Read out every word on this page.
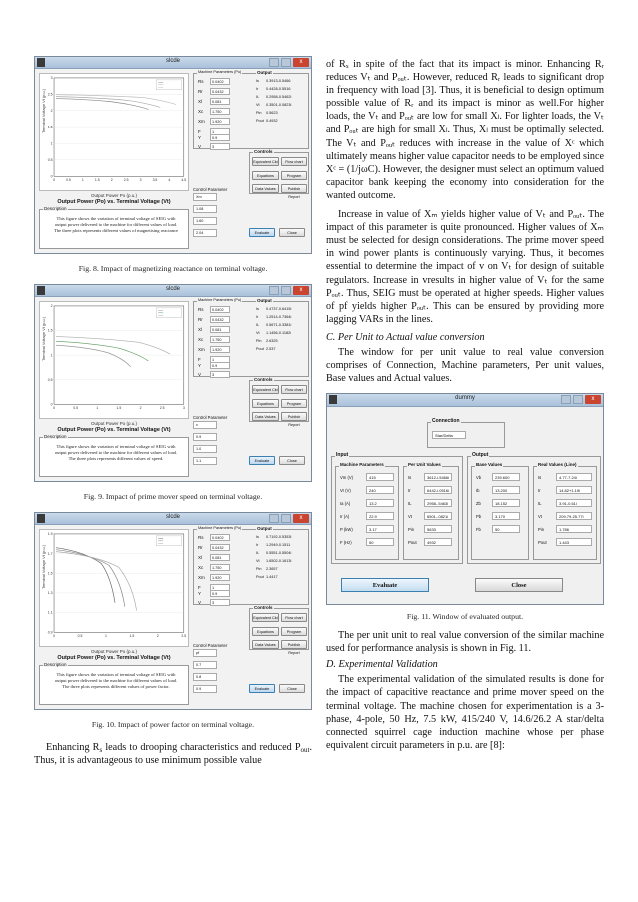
slcde	x
Terminal Voltage Vt (p.u.)
0
0.5
1
1.5
2
2.5
3
0	0.5	1	1.5	2	2.5	3	3.5	4	4.5
Output Power Po (p.u.)
Output Power (Po) vs. Terminal Voltage (Vt)
Description
This figure shows the variation of terminal voltage of SEIG with output power delivered to the machine for different values of load. The three plots represents different values of magnetising reactance
Machine Parameters (Pu)	Output
Rs 0.0402
Rr 0.0432
Xl	0.081
Xc 1.750
Xm 1.920
F	1
Y	0.9
V	3
Is 0.3913-0.5466
Ir 0.4428-0.5516
IL 0.2958-0.5462i
Vt 0.3501-0.0823i
Pin 0.5623
Pout 0.4932
Controls
Equivalent Ckt	Flow chart
Equations	Program
Data Values	Publish Report
Control Parameter
Xm
1.08
1.60
2.04	Evaluate	Close
Fig. 8. Impact of magnetizing reactance on terminal voltage.
slcde	x
Terminal Voltage Vt (p.u.)
0
0.5
1
1.5
2
0	0.5	1	1.5	2	2.5	3
Output Power Po (p.u.)
Output Power (Po) vs. Terminal Voltage (Vt)
Description
This figure shows the variation of terminal voltage of SEIG with output power delivered to the machine for different values of load. The three plots represents different values of speed.
Machine Parameters (Pu)	Output
Rs 0.0402
Rr 0.0432
Xl	0.081
Xc 1.750
Xm 1.920
F	1
Y	0.9
V	3
Is 0.4737-0.6415i
Ir 1.2514-0.7364i
IL 0.5671-0.3381i
Vt 1.1456-0.1182i
Pin 2.6325
Pout 2.537
Controls
Equivalent Ckt	Flow chart
Equations	Program
Data Values	Publish Report
Control Parameter
v
0.9
1.0
1.1	Evaluate	Close
Fig. 9. Impact of prime mover speed on terminal voltage.
slcde	x
Terminal Voltage Vt (p.u.)
0.9
1.1
1.3
1.5
1.7
1.9
0	0.5	1	1.5	2	2.5
Output Power Po (p.u.)
Output Power (Po) vs. Terminal Voltage (Vt)
Description
This figure shows the variation of terminal voltage of SEIG with output power delivered to the machine for different values of load. The three plots represents different values of power factor.
Machine Parameters (Pu)	Output
Rs 0.0402
Rr 0.0432
Xl	0.081
Xc 1.750
Xm 1.920
F	1
Y	0.9
V	3
Is 0.7192-0.5353i
Ir 1.2949-0.1511
IL 0.5551-0.5504i
Vt 1.6502-0.1613i
Pin 2.3657
Pout 1.4417
Controls
Equivalent Ckt	Flow chart
Equations	Program
Data Values	Publish Report
Control Parameter
pf
0.7
0.8
0.9	Evaluate	Close
Fig. 10. Impact of power factor on terminal voltage.

Enhancing $R_s$ leads to drooping characteristics and reduced $P_{out}$. Thus, it is advantageous to use minimum possible value

of Rₓ in spite of the fact that its impact is minor. Enhancing Rᵣ reduces Vₜ and Pₒᵤₜ. However, reduced Rᵣ leads to significant drop in frequency with load [3]. Thus, it is beneficial to design optimum possible value of Rᵣ and its impact is minor as well.For higher loads, the Vₜ and Pₒᵤₜ are low for small Xₗ. For lighter loads, the Vₜ and Pₒᵤₜ are high for small Xₗ. Thus, Xₗ must be optimally selected. The Vₜ and Pₒᵤₜ reduces with increase in the value of Xᶜ which ultimately means higher value capacitor needs to be employed since Xᶜ = (1/jωC). However, the designer must select an optimum valued capacitor bank keeping the economy into consideration for the wanted outcome.

Increase in value of Xₘ yields higher value of Vₜ and Pₒᵤₜ. The impact of this parameter is quite pronounced. Higher values of Xₘ must be selected for design considerations. The prime mover speed in wind power plants is continuously varying. Thus, it becomes essential to determine the impact of v on Vₜ for design of suitable regulators. Increase in vresults in higher value of Vₜ for the same Pₒᵤₜ. Thus, SEIG must be operated at higher speeds. Higher values of pf yields higher Pₒᵤₜ. This can be ensured by providing more lagging VARs in the lines.

C. Per Unit to Actual value conversion

The window for per unit value to real value conversion comprises of Connection, Machine parameters, Per unit values, Base values and Actual values.

dummy	x
Connection
Star/Delta
Input	Output
Machine Parameters
Vm (V)	415
Vr (V)	240
Ia (A)	13.2
Ir (A)	22.9
P (kW)	3.17
F (Hz)	50
Per Unit Values
Is	3612-i.5466i
Ir	6442-i.0516i
IL	2958-.5463i
Vt	6501-.0821i
Pin	5633
Pout	4932
Base Values
Vb	239.600
Ib	13.200
Zb	18.152
Pb	3.170
Fb	50
Real Values (Line)
Is	4.77-7.24i
Ir	14.82+1.19i
IL	3.91-0.61i
Vt	209.79-25.77i
Pin	1.786
Pout	1.443
Evaluate	Close
Fig. 11. Window of evaluated output.

The per unit unit to real value conversion of the similar machine used for performance analysis is shown in Fig. 11.

D. Experimental Validation

The experimental validation of the simulated results is done for the impact of capacitive reactance and prime mover speed on the terminal voltage. The machine chosen for experimentation is a 3-phase, 4-pole, 50 Hz, 7.5 kW, 415/240 V, 14.6/26.2 A star/delta connected squirrel cage induction machine whose per phase equivalent circuit parameters in p.u. are [8]:
